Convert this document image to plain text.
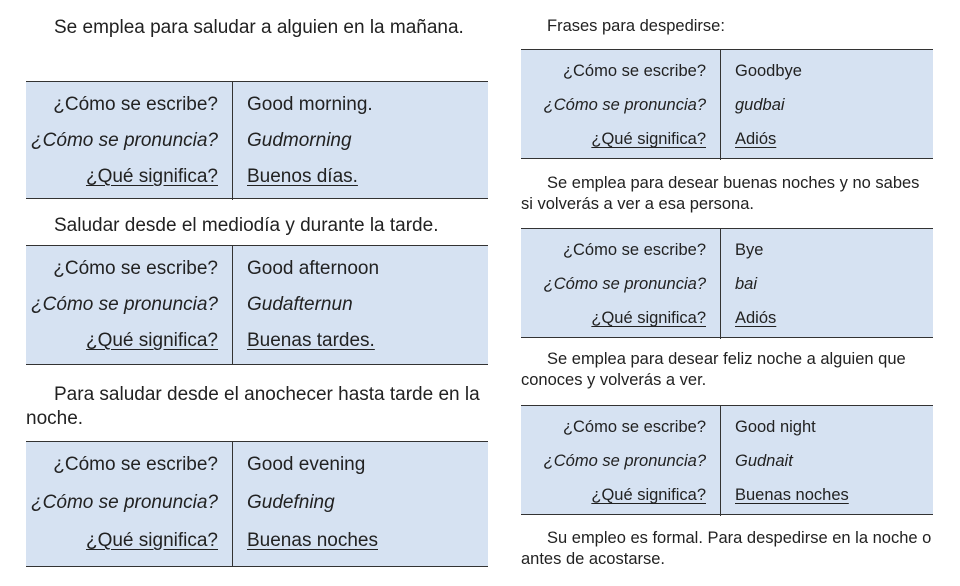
Se emplea para saludar a alguien en la mañana.

¿Cómo se escribe?	Good morning.
¿Cómo se pronuncia?	Gudmorning
¿Qué significa?	Buenos días.

Saludar desde el mediodía y durante la tarde.

¿Cómo se escribe?	Good afternoon
¿Cómo se pronuncia?	Gudafternun
¿Qué significa?	Buenas tardes.

Para saludar desde el anochecer hasta tarde en la noche.

¿Cómo se escribe?	Good evening
¿Cómo se pronuncia?	Gudefning
¿Qué significa?	Buenas noches

Frases para despedirse:

¿Cómo se escribe?	Goodbye
¿Cómo se pronuncia?	gudbai
¿Qué significa?	Adiós

Se emplea para desear buenas noches y no sabes si volverás a ver a esa persona.

¿Cómo se escribe?	Bye
¿Cómo se pronuncia?	bai
¿Qué significa?	Adiós

Se emplea para desear feliz noche a alguien que conoces y volverás a ver.

¿Cómo se escribe?	Good night
¿Cómo se pronuncia?	Gudnait
¿Qué significa?	Buenas noches

Su empleo es formal. Para despedirse en la noche o antes de acostarse.
